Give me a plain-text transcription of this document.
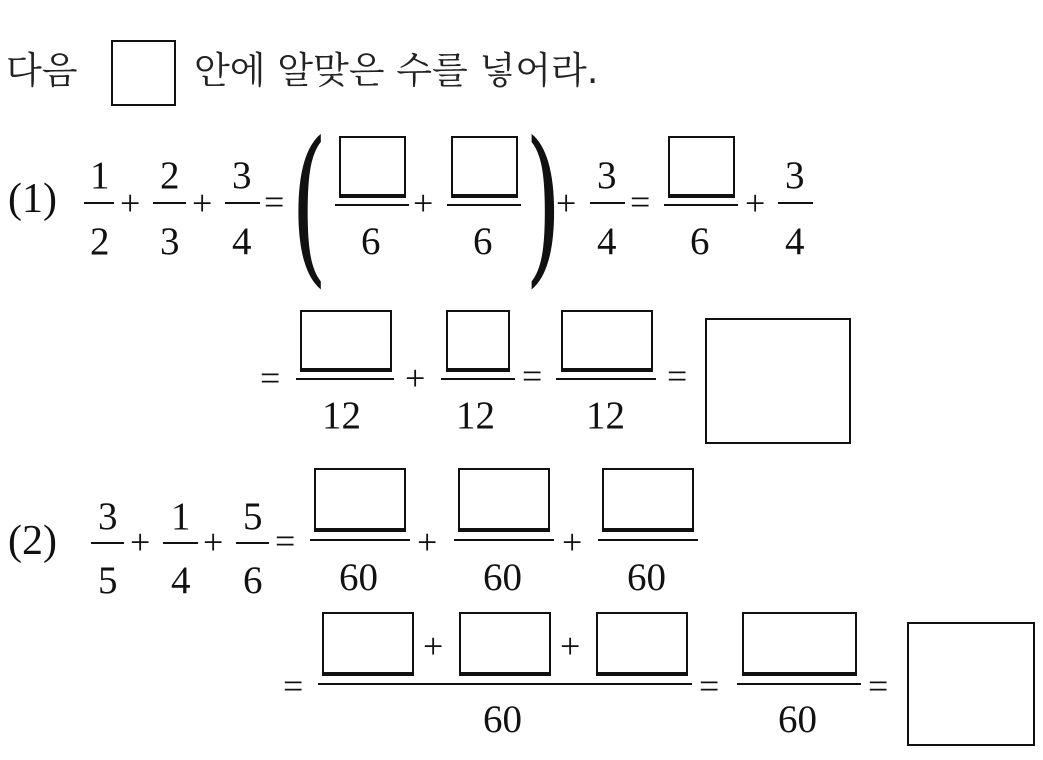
다음	안에 알맞은 수를 넣어라.
(1)
1
2
+
2
3
+
3
4
= ( 6
+
6 )
+
3
4
=
6
+
3
4
=
12
+
12
=
12
=
(2)
3
5
+
1
4
+
5
6
=
60
+
60
+
60
=
+	+
60
=
60
=
